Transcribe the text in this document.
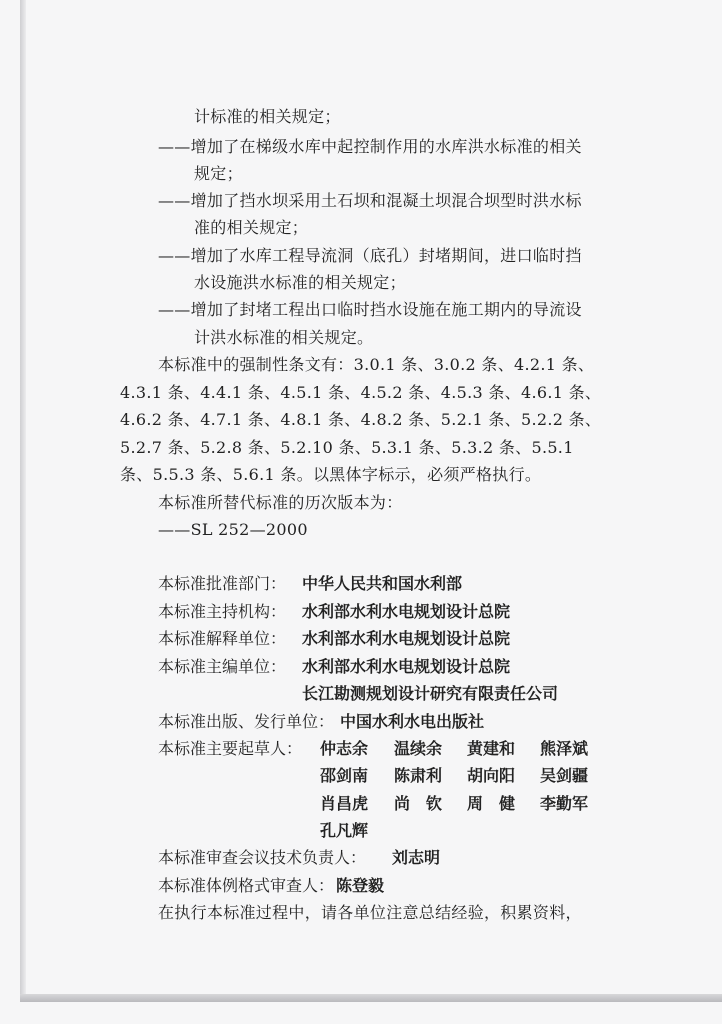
计标准的相关规定；
——增加了在梯级水库中起控制作用的水库洪水标准的相关
规定；
——增加了挡水坝采用土石坝和混凝土坝混合坝型时洪水标
准的相关规定；
——增加了水库工程导流洞（底孔）封堵期间，进口临时挡
水设施洪水标准的相关规定；
——增加了封堵工程出口临时挡水设施在施工期内的导流设
计洪水标准的相关规定。
本标准中的强制性条文有：3.0.1 条、3.0.2 条、4.2.1 条、
4.3.1 条、4.4.1 条、4.5.1 条、4.5.2 条、4.5.3 条、4.6.1 条、
4.6.2 条、4.7.1 条、4.8.1 条、4.8.2 条、5.2.1 条、5.2.2 条、
5.2.7 条、5.2.8 条、5.2.10 条、5.3.1 条、5.3.2 条、5.5.1
条、5.5.3 条、5.6.1 条。以黑体字标示，必须严格执行。
本标准所替代标准的历次版本为：
——SL 252—2000
本标准批准部门： 中华人民共和国水利部
本标准主持机构： 水利部水利水电规划设计总院
本标准解释单位： 水利部水利水电规划设计总院
本标准主编单位： 水利部水利水电规划设计总院
长江勘测规划设计研究有限责任公司
本标准出版、发行单位： 中国水利水电出版社
本标准主要起草人： 仲志余 温续余 黄建和 熊泽斌
邵剑南 陈肃利 胡向阳 吴剑疆
肖昌虎 尚　钦 周　健 李勤军
孔凡辉
本标准审查会议技术负责人： 刘志明
本标准体例格式审查人： 陈登毅
在执行本标准过程中，请各单位注意总结经验，积累资料，
